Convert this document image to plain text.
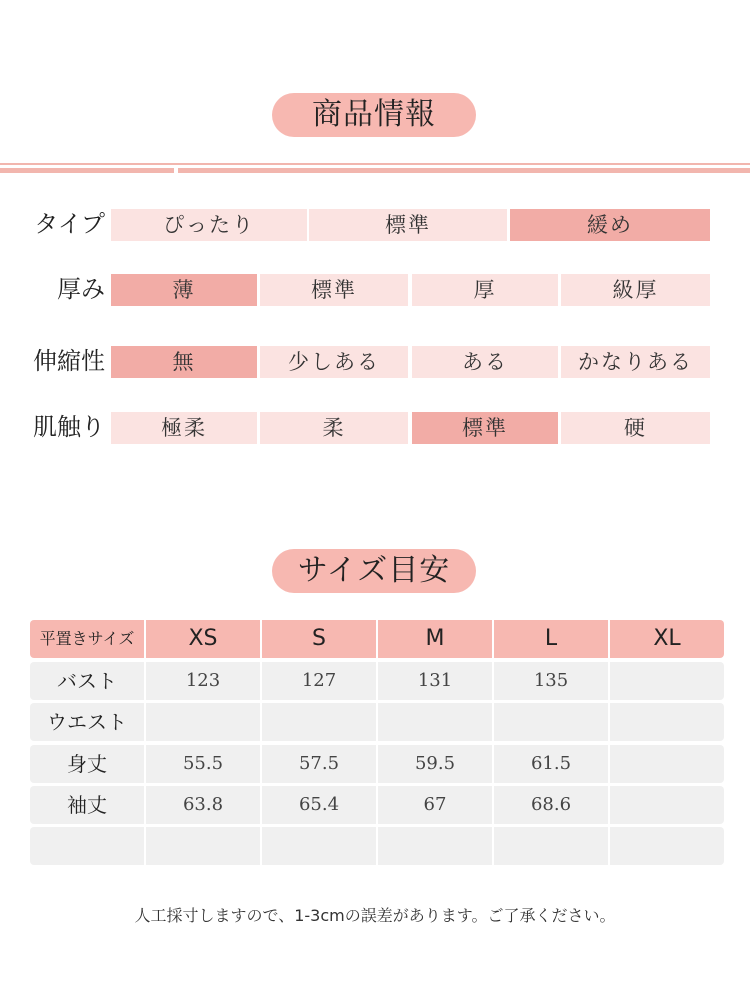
商品情報
タイプ	ぴったり	標準	緩め
厚み	薄	標準	厚	級厚
伸縮性	無	少しある	ある	かなりある
肌触り	極柔	柔	標準	硬
サイズ目安
平置きサイズ	XS	S	M	L	XL
バスト	123	127	131	135
ウエスト
身丈	55.5	57.5	59.5	61.5
袖丈	63.8	65.4	67	68.6
人工採寸しますので、1-3cmの誤差があります。ご了承ください。
